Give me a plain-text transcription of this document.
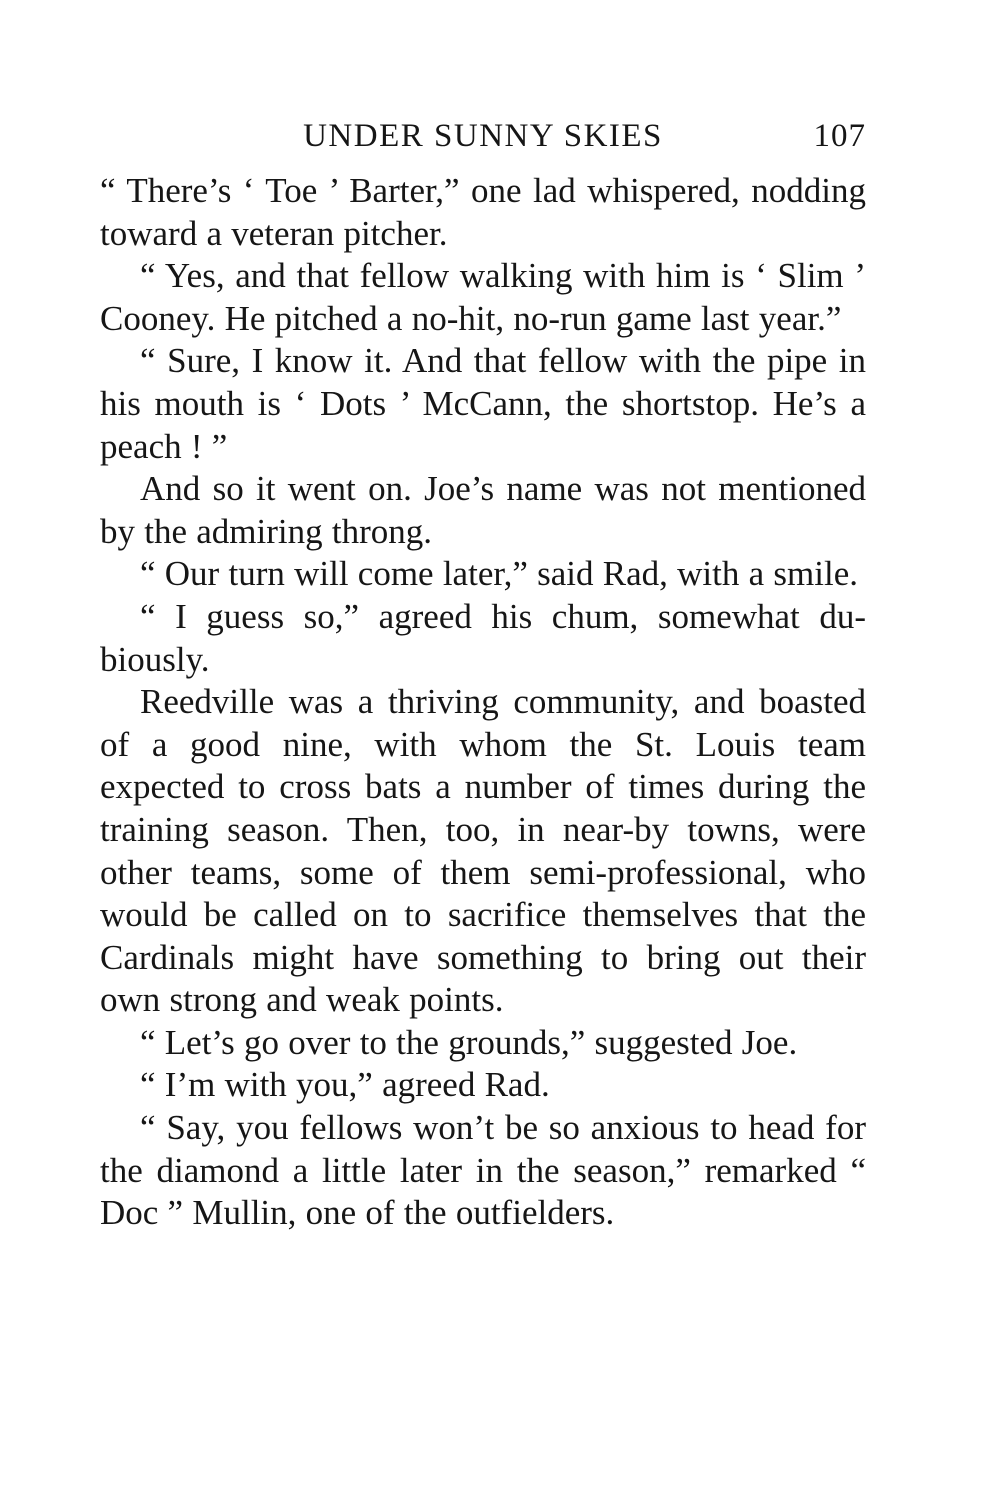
UNDER SUNNY SKIES	107

“ There’s ‘ Toe ’ Barter,” one lad whispered, nodding toward a veteran pitcher.

“ Yes, and that fellow walking with him is ‘ Slim ’ Cooney. He pitched a no-hit, no-run game last year.”

“ Sure, I know it. And that fellow with the pipe in his mouth is ‘ Dots ’ McCann, the shortstop. He’s a peach ! ”

And so it went on. Joe’s name was not mentioned by the admiring throng.

“ Our turn will come later,” said Rad, with a smile.

“ I guess so,” agreed his chum, somewhat dubiously.

Reedville was a thriving community, and boasted of a good nine, with whom the St. Louis team expected to cross bats a number of times during the training season. Then, too, in near-by towns, were other teams, some of them semi-professional, who would be called on to sacrifice themselves that the Cardinals might have something to bring out their own strong and weak points.

“ Let’s go over to the grounds,” suggested Joe.

“ I’m with you,” agreed Rad.

“ Say, you fellows won’t be so anxious to head for the diamond a little later in the season,” remarked “ Doc ” Mullin, one of the outfielders.
